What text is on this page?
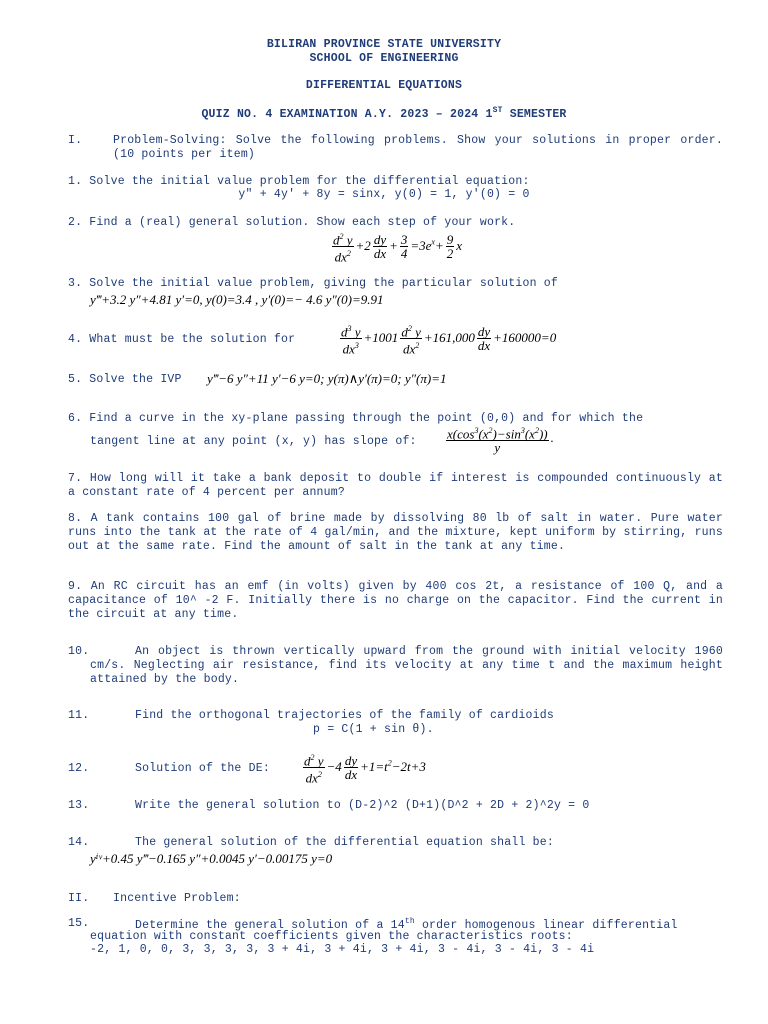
BILIRAN PROVINCE STATE UNIVERSITY
SCHOOL OF ENGINEERING
DIFFERENTIAL EQUATIONS
QUIZ NO. 4 EXAMINATION A.Y. 2023 – 2024 1ST SEMESTER
I.	Problem-Solving: Solve the following problems. Show your solutions in proper order. (10 points per item)
1. Solve the initial value problem for the differential equation:
y″ + 4y′ + 8y = sinx, y(0) = 1, y′(0) = 0
2. Find a (real) general solution. Show each step of your work.
$\frac{d^2 y}{dx^2} +2 \frac{dy}{dx} + \frac{3}{4} =3e^x+ \frac{9}{2}$ x
3. Solve the initial value problem, giving the particular solution of
y‴+3.2 y″+4.81 y′=0, y(0)=3.4 , y′(0)=− 4.6 y″(0)=9.91
4. What must be the solution for	$\frac{d^3 y}{dx^3} +1001 \frac{d^2 y}{dx^2} +161,000 \frac{dy}{dx} +160000=0$
5. Solve the IVP y‴−6 y″+11 y′−6 y=0; y(π)∧y′(π)=0; y″(π)=1
6. Find a curve in the xy-plane passing through the point (0,0) and for which the
tangent line at any point (x, y) has slope of: $\frac{x(\cos^3(x^2)-\sin^3(x^2))}{y}$ .
7. How long will it take a bank deposit to double if interest is compounded continuously at a constant rate of 4 percent per annum?
8. A tank contains 100 gal of brine made by dissolving 80 lb of salt in water. Pure water runs into the tank at the rate of 4 gal/min, and the mixture, kept uniform by stirring, runs out at the same rate. Find the amount of salt in the tank at any time.
9. An RC circuit has an emf (in volts) given by 400 cos 2t, a resistance of 100 Q, and a capacitance of 10^ -2 F. Initially there is no charge on the capacitor. Find the current in the circuit at any time.
10.	An object is thrown vertically upward from the ground with initial velocity 1960 cm/s. Neglecting air resistance, find its velocity at any time t and the maximum height attained by the body.
11.	Find the orthogonal trajectories of the family of cardioids
p = C(1 + sin θ).
12.	Solution of the DE:	$\frac{d^2 y}{dx^2} -4 \frac{dy}{dx} +1=t^2-2t+3$
13.	Write the general solution to (D-2)^2 (D+1)(D^2 + 2D + 2)^2y = 0
14.	The general solution of the differential equation shall be:
yⁱᵛ+0.45 y‴−0.165 y″+0.0045 y′−0.00175 y=0
II. Incentive Problem:
15.	Determine the general solution of a 14th order homogenous linear differential
equation with constant coefficients given the characteristics roots:
-2, 1, 0, 0, 3, 3, 3, 3, 3 + 4i, 3 + 4i, 3 + 4i, 3 - 4i, 3 - 4i, 3 - 4i
